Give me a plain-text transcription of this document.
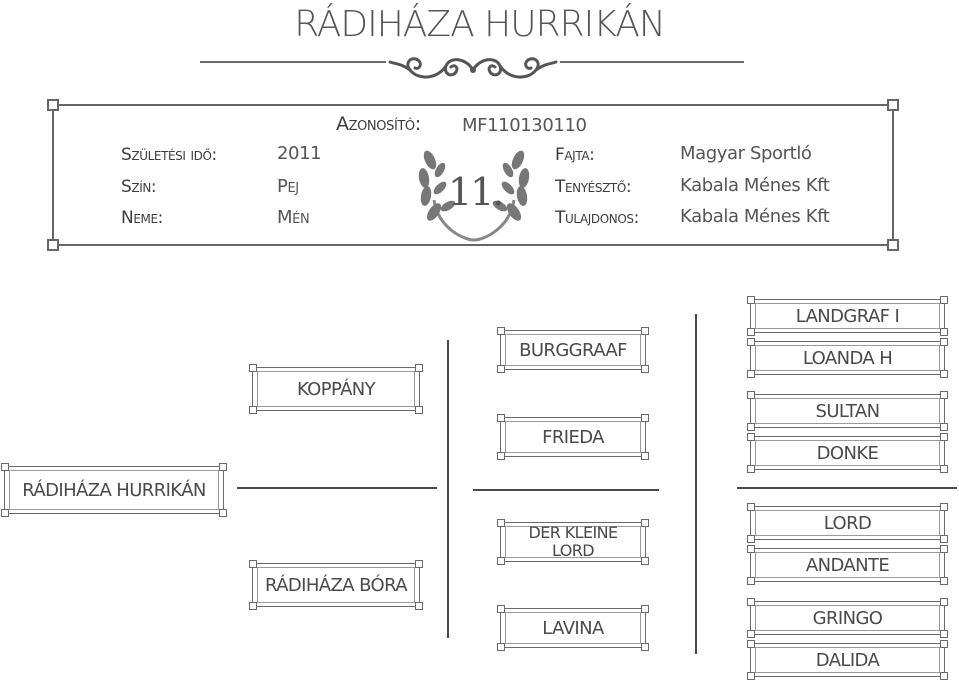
RÁDIHÁZA HURRIKÁN
Azonosító: MF110130110
Születési idő:	2011
Szín:	Pej
Neme:	Mén
11.
Fajta:	Magyar Sportló
Tenyésztő:	Kabala Ménes Kft
Tulajdonos: Kabala Ménes Kft
RÁDIHÁZA HURRIKÁN
KOPPÁNY
RÁDIHÁZA BÓRA
BURGGRAAF
FRIEDA
DER KLEINE LORD
LAVINA
LANDGRAF I
LOANDA H
SULTAN
DONKE
LORD
ANDANTE
GRINGO
DALIDA
